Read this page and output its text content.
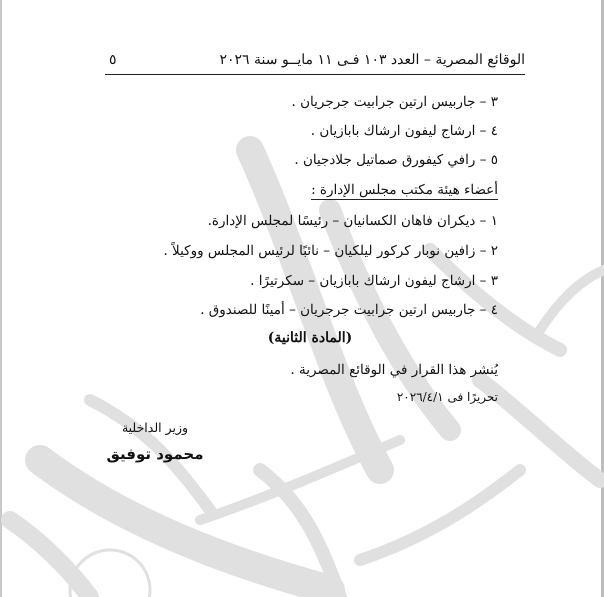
الوقائع المصرية – العدد ١٠٣ فـى ١١ مايــو سنة ٢٠٢٦
٥
٣ – جاربيس ارتين جرابيت جرجريان .
٤ – ارشاج ليفون ارشاك بابازيان .
٥ – رافي كيفورق صماتيل جلادجيان .
أعضاء هيئة مكتب مجلس الإدارة :
١ – ديكران فاهان الكسانيان – رئيسًا لمجلس الإدارة.
٢ – زافين نوبار كركور ليلكيان – نائبًا لرئيس المجلس ووكيلاً .
٣ – ارشاج ليفون ارشاك بابازيان – سكرتيرًا .
٤ – جاربيس ارتين جرابيت جرجريان – أمينًا للصندوق .
يُنشر هذا القرار في الوقائع المصرية .
تحريرًا فى ٢٠٢٦/٤/١
(المادة الثانية)
وزير الداخلية
محمود توفيق
